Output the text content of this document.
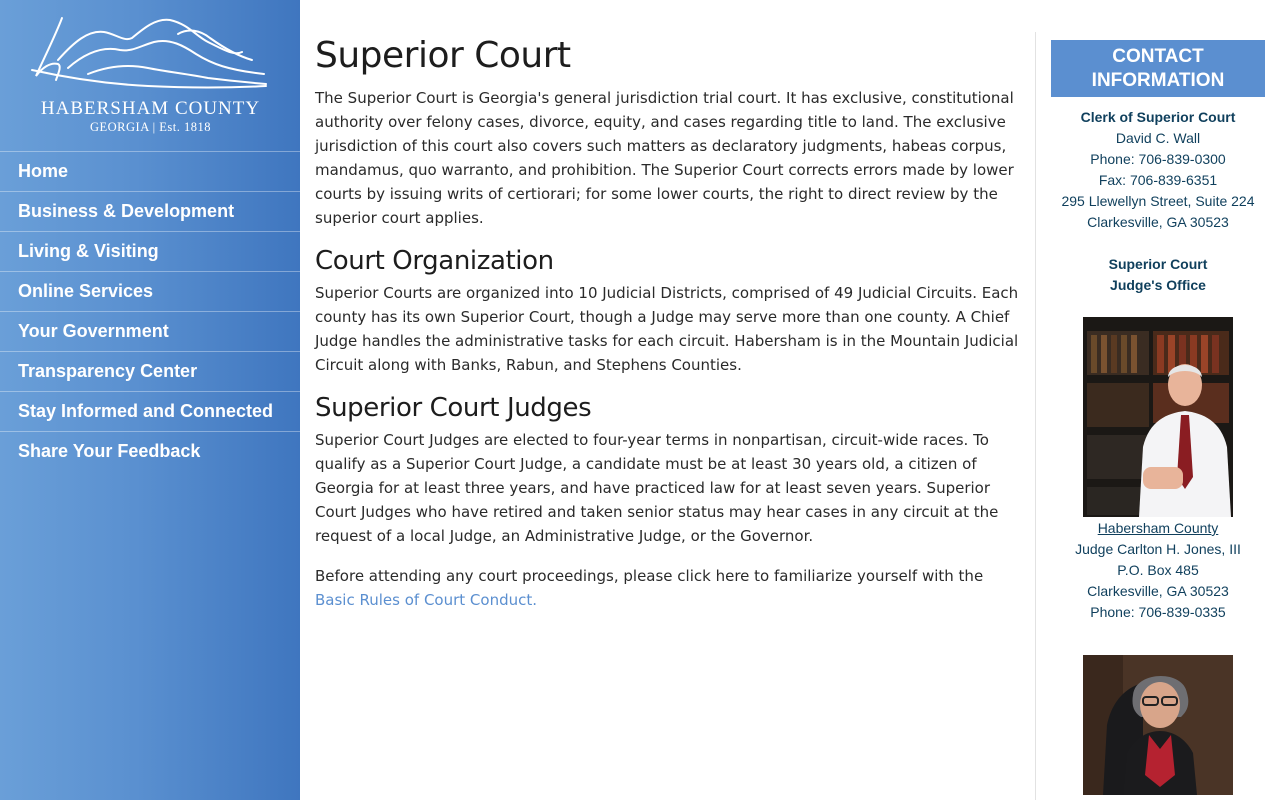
HABERSHAM COUNTY
GEORGIA | Est. 1818
Home
Business & Development
Living & Visiting
Online Services
Your Government
Transparency Center
Stay Informed and Connected
Share Your Feedback
Superior Court

The Superior Court is Georgia's general jurisdiction trial court. It has exclusive, constitutional authority over felony cases, divorce, equity, and cases regarding title to land. The exclusive jurisdiction of this court also covers such matters as declaratory judgments, habeas corpus, mandamus, quo warranto, and prohibition. The Superior Court corrects errors made by lower courts by issuing writs of certiorari; for some lower courts, the right to direct review by the superior court applies.

Court Organization

Superior Courts are organized into 10 Judicial Districts, comprised of 49 Judicial Circuits. Each county has its own Superior Court, though a Judge may serve more than one county. A Chief Judge handles the administrative tasks for each circuit. Habersham is in the Mountain Judicial Circuit along with Banks, Rabun, and Stephens Counties.

Superior Court Judges

Superior Court Judges are elected to four-year terms in nonpartisan, circuit-wide races. To qualify as a Superior Court Judge, a candidate must be at least 30 years old, a citizen of Georgia for at least three years, and have practiced law for at least seven years. Superior Court Judges who have retired and taken senior status may hear cases in any circuit at the request of a local Judge, an Administrative Judge, or the Governor.

Before attending any court proceedings, please click here to familiarize yourself with the Basic Rules of Court Conduct.

CONTACT
INFORMATION
Clerk of Superior Court
David C. Wall
Phone: 706-839-0300
Fax: 706-839-6351
295 Llewellyn Street, Suite 224
Clarkesville, GA 30523
Superior Court
Judge's Office
Habersham County
Judge Carlton H. Jones, III
P.O. Box 485
Clarkesville, GA 30523
Phone: 706-839-0335
